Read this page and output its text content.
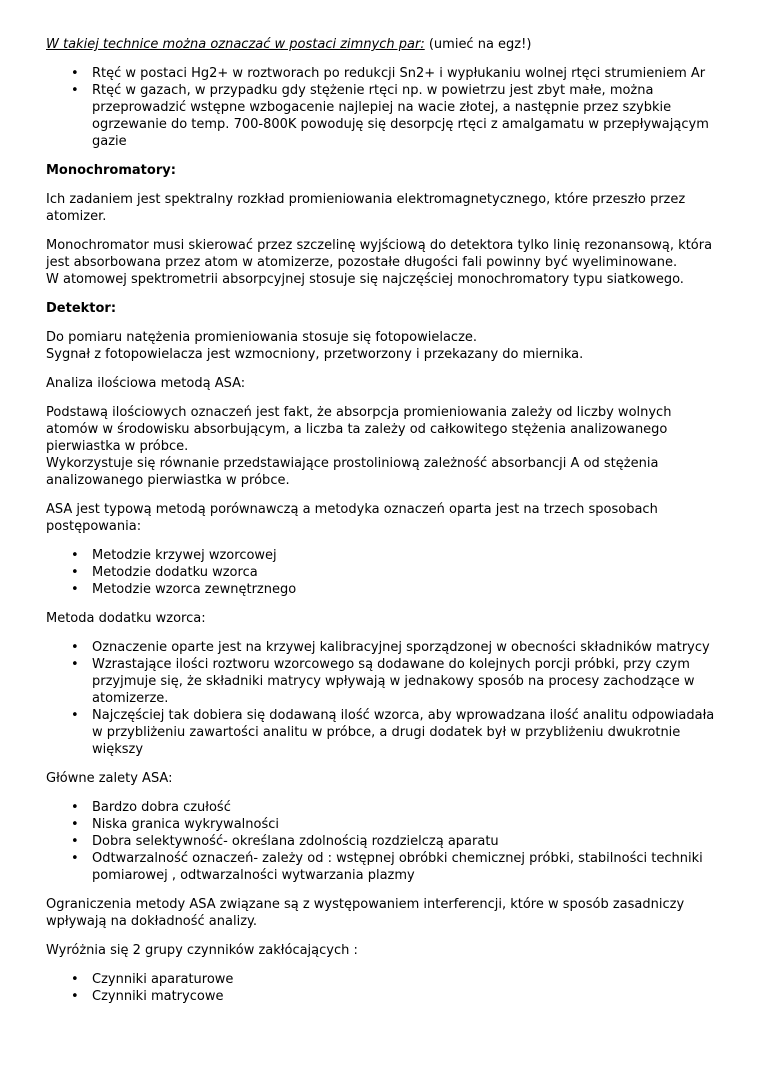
W takiej technice można oznaczać w postaci zimnych par: (umieć na egz!)

• Rtęć w postaci Hg2+ w roztworach po redukcji Sn2+ i wypłukaniu wolnej rtęci strumieniem Ar
• Rtęć w gazach, w przypadku gdy stężenie rtęci np. w powietrzu jest zbyt małe, można przeprowadzić wstępne wzbogacenie najlepiej na wacie złotej, a następnie przez szybkie ogrzewanie do temp. 700-800K powoduję się desorpcję rtęci z amalgamatu w przepływającym gazie

Monochromatory:

Ich zadaniem jest spektralny rozkład promieniowania elektromagnetycznego, które przeszło przez atomizer.

Monochromator musi skierować przez szczelinę wyjściową do detektora tylko linię rezonansową, która jest absorbowana przez atom w atomizerze, pozostałe długości fali powinny być wyeliminowane.
W atomowej spektrometrii absorpcyjnej stosuje się najczęściej monochromatory typu siatkowego.

Detektor:

Do pomiaru natężenia promieniowania stosuje się fotopowielacze.
Sygnał z fotopowielacza jest wzmocniony, przetworzony i przekazany do miernika.

Analiza ilościowa metodą ASA:

Podstawą ilościowych oznaczeń jest fakt, że absorpcja promieniowania zależy od liczby wolnych atomów w środowisku absorbującym, a liczba ta zależy od całkowitego stężenia analizowanego pierwiastka w próbce.
Wykorzystuje się równanie przedstawiające prostoliniową zależność absorbancji A od stężenia analizowanego pierwiastka w próbce.

ASA jest typową metodą porównawczą a metodyka oznaczeń oparta jest na trzech sposobach postępowania:

• Metodzie krzywej wzorcowej
• Metodzie dodatku wzorca
• Metodzie wzorca zewnętrznego

Metoda dodatku wzorca:

• Oznaczenie oparte jest na krzywej kalibracyjnej sporządzonej w obecności składników matrycy
• Wzrastające ilości roztworu wzorcowego są dodawane do kolejnych porcji próbki, przy czym przyjmuje się, że składniki matrycy wpływają w jednakowy sposób na procesy zachodzące w atomizerze.
• Najczęściej tak dobiera się dodawaną ilość wzorca, aby wprowadzana ilość analitu odpowiadała w przybliżeniu zawartości analitu w próbce, a drugi dodatek był w przybliżeniu dwukrotnie większy

Główne zalety ASA:

• Bardzo dobra czułość
• Niska granica wykrywalności
• Dobra selektywność- określana zdolnością rozdzielczą aparatu
• Odtwarzalność oznaczeń- zależy od : wstępnej obróbki chemicznej próbki, stabilności techniki pomiarowej , odtwarzalności wytwarzania plazmy

Ograniczenia metody ASA związane są z występowaniem interferencji, które w sposób zasadniczy wpływają na dokładność analizy.

Wyróżnia się 2 grupy czynników zakłócających :

• Czynniki aparaturowe
• Czynniki matrycowe
